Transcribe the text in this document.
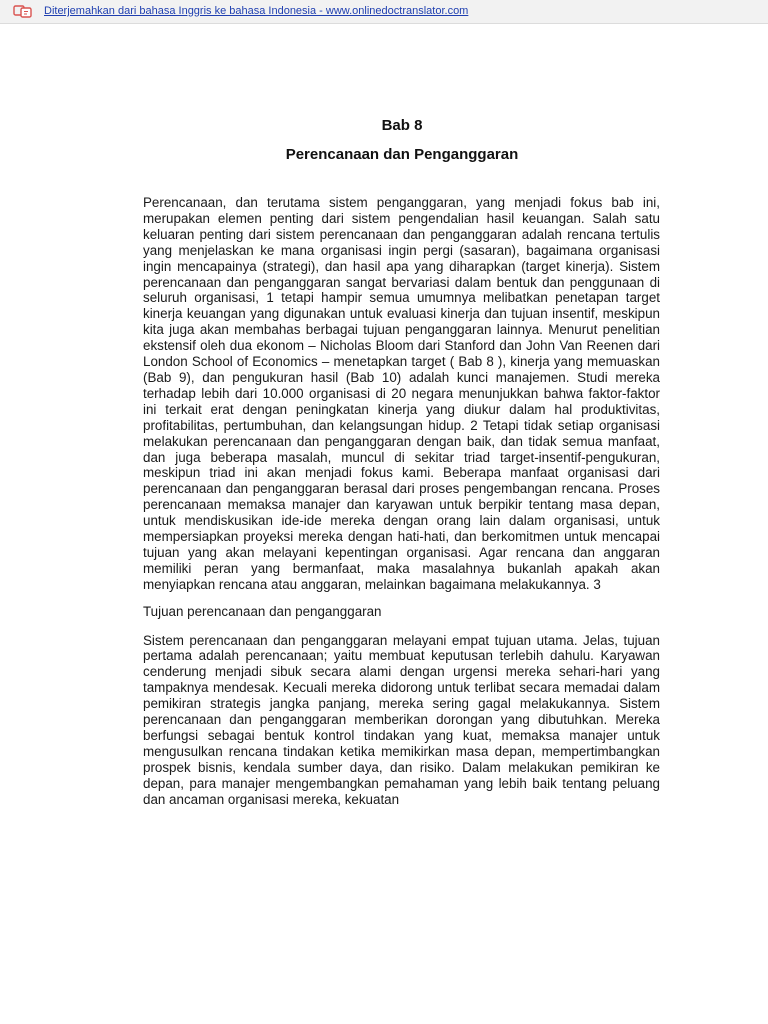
Diterjemahkan dari bahasa Inggris ke bahasa Indonesia - www.onlinedoctranslator.com
Bab 8
Perencanaan dan Penganggaran

Perencanaan, dan terutama sistem penganggaran, yang menjadi fokus bab ini, merupakan elemen penting dari sistem pengendalian hasil keuangan. Salah satu keluaran penting dari sistem perencanaan dan penganggaran adalah rencana tertulis yang menjelaskan ke mana organisasi ingin pergi (sasaran), bagaimana organisasi ingin mencapainya (strategi), dan hasil apa yang diharapkan (target kinerja). Sistem perencanaan dan penganggaran sangat bervariasi dalam bentuk dan penggunaan di seluruh organisasi, 1 tetapi hampir semua umumnya melibatkan penetapan target kinerja keuangan yang digunakan untuk evaluasi kinerja dan tujuan insentif, meskipun kita juga akan membahas berbagai tujuan penganggaran lainnya. Menurut penelitian ekstensif oleh dua ekonom – Nicholas Bloom dari Stanford dan John Van Reenen dari London School of Economics – menetapkan target ( Bab 8 ), kinerja yang memuaskan (Bab 9), dan pengukuran hasil (Bab 10) adalah kunci manajemen. Studi mereka terhadap lebih dari 10.000 organisasi di 20 negara menunjukkan bahwa faktor-faktor ini terkait erat dengan peningkatan kinerja yang diukur dalam hal produktivitas, profitabilitas, pertumbuhan, dan kelangsungan hidup. 2 Tetapi tidak setiap organisasi melakukan perencanaan dan penganggaran dengan baik, dan tidak semua manfaat, dan juga beberapa masalah, muncul di sekitar triad target-insentif-pengukuran, meskipun triad ini akan menjadi fokus kami. Beberapa manfaat organisasi dari perencanaan dan penganggaran berasal dari proses pengembangan rencana. Proses perencanaan memaksa manajer dan karyawan untuk berpikir tentang masa depan, untuk mendiskusikan ide-ide mereka dengan orang lain dalam organisasi, untuk mempersiapkan proyeksi mereka dengan hati-hati, dan berkomitmen untuk mencapai tujuan yang akan melayani kepentingan organisasi. Agar rencana dan anggaran memiliki peran yang bermanfaat, maka masalahnya bukanlah apakah akan menyiapkan rencana atau anggaran, melainkan bagaimana melakukannya. 3

Tujuan perencanaan dan penganggaran

Sistem perencanaan dan penganggaran melayani empat tujuan utama. Jelas, tujuan pertama adalah perencanaan; yaitu membuat keputusan terlebih dahulu. Karyawan cenderung menjadi sibuk secara alami dengan urgensi mereka sehari-hari yang tampaknya mendesak. Kecuali mereka didorong untuk terlibat secara memadai dalam pemikiran strategis jangka panjang, mereka sering gagal melakukannya. Sistem perencanaan dan penganggaran memberikan dorongan yang dibutuhkan. Mereka berfungsi sebagai bentuk kontrol tindakan yang kuat, memaksa manajer untuk mengusulkan rencana tindakan ketika memikirkan masa depan, mempertimbangkan prospek bisnis, kendala sumber daya, dan risiko. Dalam melakukan pemikiran ke depan, para manajer mengembangkan pemahaman yang lebih baik tentang peluang dan ancaman organisasi mereka, kekuatan
